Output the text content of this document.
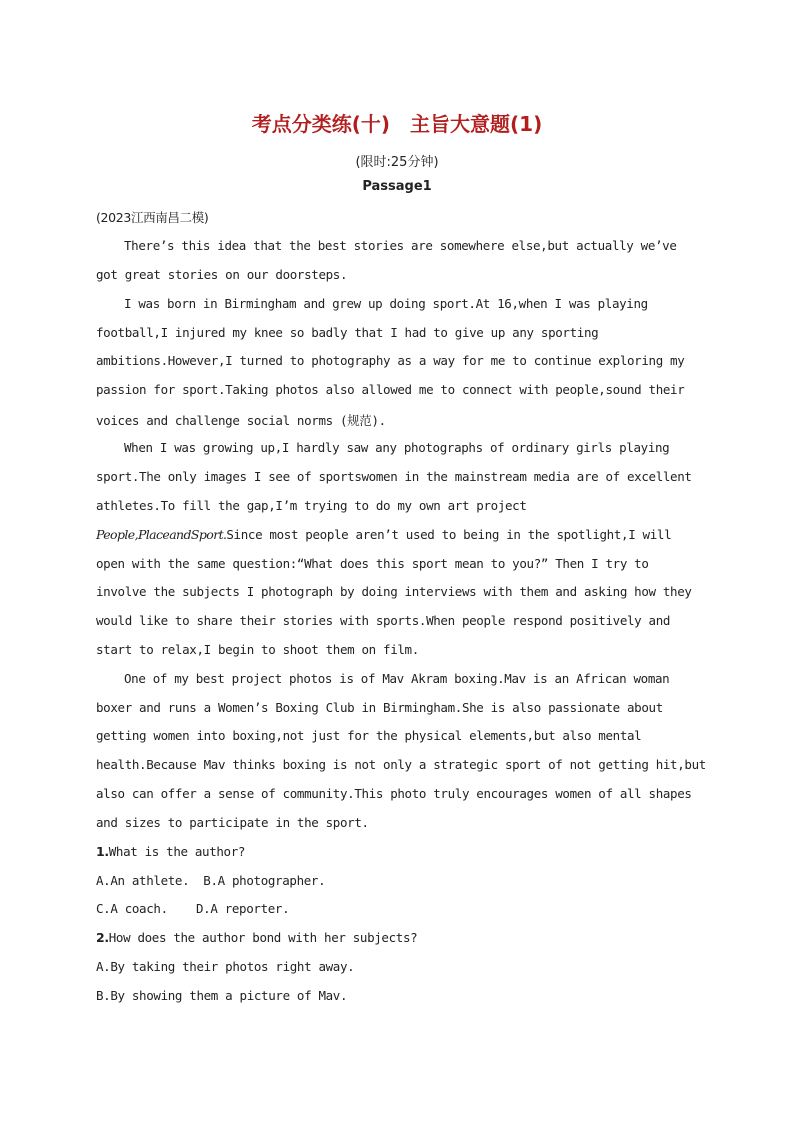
考点分类练(十)　主旨大意题(1)
(限时:25分钟)
Passage1
(2023江西南昌二模)
There’s this idea that the best stories are somewhere else,but actually we’ve
got great stories on our doorsteps.
I was born in Birmingham and grew up doing sport.At 16,when I was playing
football,I injured my knee so badly that I had to give up any sporting
ambitions.However,I turned to photography as a way for me to continue exploring my
passion for sport.Taking photos also allowed me to connect with people,sound their
voices and challenge social norms (规范).
When I was growing up,I hardly saw any photographs of ordinary girls playing
sport.The only images I see of sportswomen in the mainstream media are of excellent
athletes.To fill the gap,I’m trying to do my own art project
People,PlaceandSport.Since most people aren’t used to being in the spotlight,I will
open with the same question:“What does this sport mean to you?” Then I try to
involve the subjects I photograph by doing interviews with them and asking how they
would like to share their stories with sports.When people respond positively and
start to relax,I begin to shoot them on film.
One of my best project photos is of Mav Akram boxing.Mav is an African woman
boxer and runs a Women’s Boxing Club in Birmingham.She is also passionate about
getting women into boxing,not just for the physical elements,but also mental
health.Because Mav thinks boxing is not only a strategic sport of not getting hit,but
also can offer a sense of community.This photo truly encourages women of all shapes
and sizes to participate in the sport.
1.What is the author?
A.An athlete. B.A photographer.
C.A coach. D.A reporter.
2.How does the author bond with her subjects?
A.By taking their photos right away.
B.By showing them a picture of Mav.
